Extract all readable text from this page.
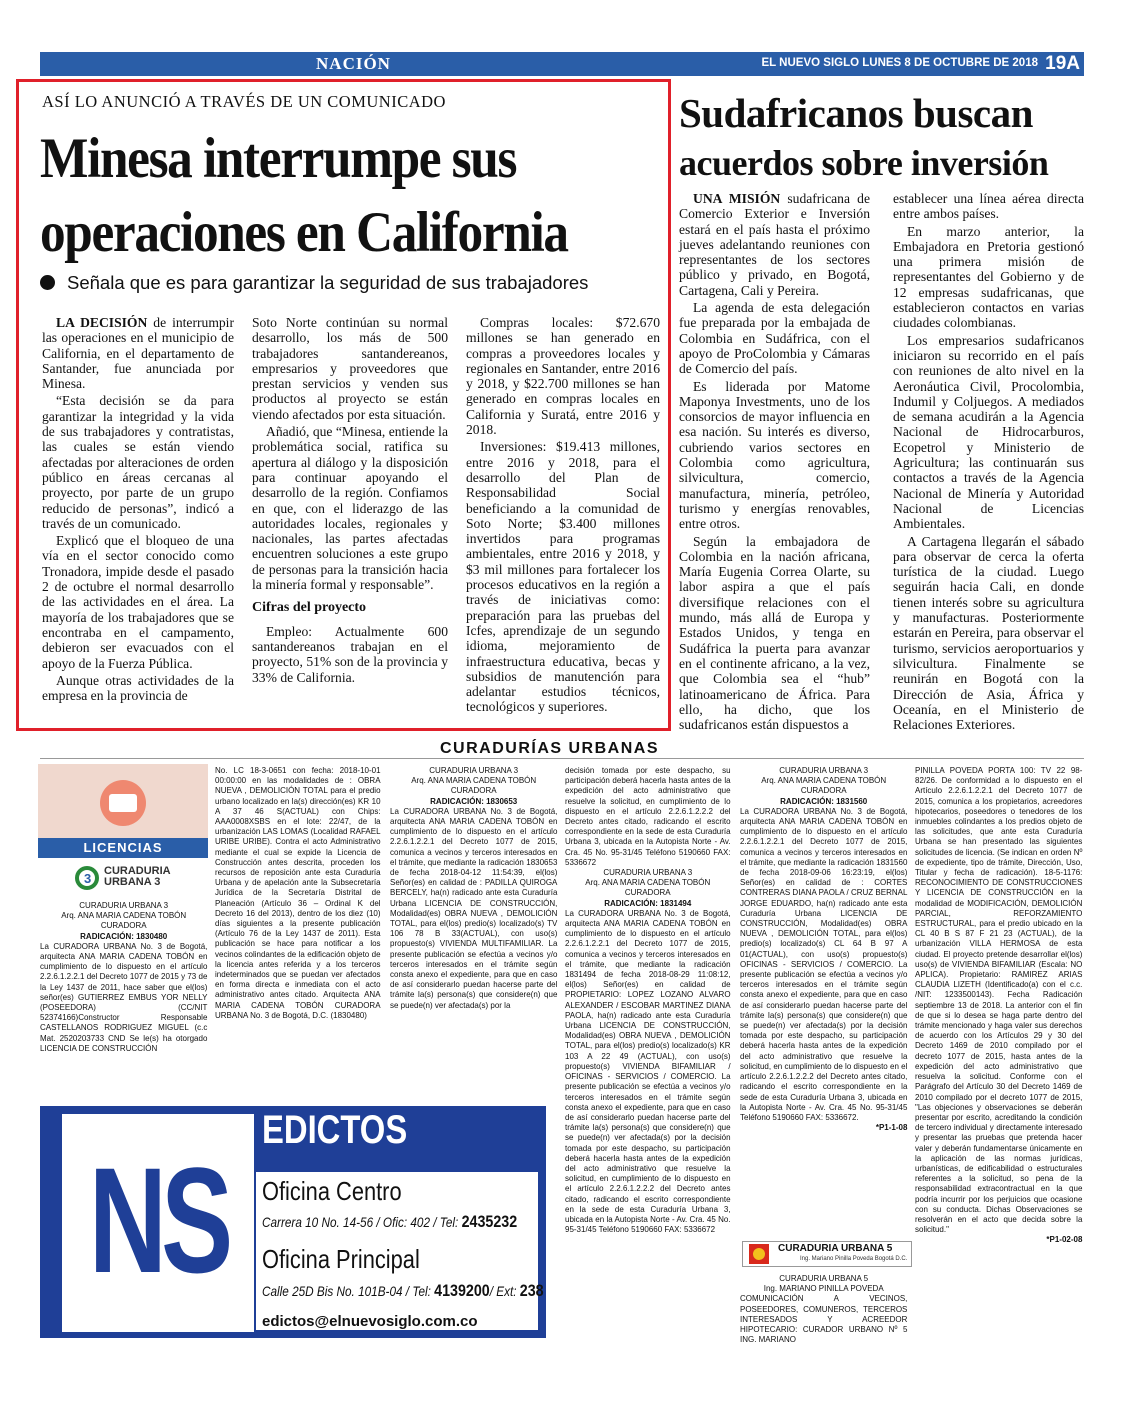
NACIÓN	EL NUEVO SIGLO LUNES 8 DE OCTUBRE DE 2018 19A
ASÍ LO ANUNCIÓ A TRAVÉS DE UN COMUNICADO
Minesa interrumpe sus
operaciones en California
Señala que es para garantizar la seguridad de sus trabajadores

LA DECISIÓN de interrumpir las operaciones en el municipio de California, en el departamento de Santander, fue anunciada por Minesa.

“Esta decisión se da para garantizar la integridad y la vida de sus trabajadores y contratistas, las cuales se están viendo afectadas por alteraciones de orden público en áreas cercanas al proyecto, por parte de un grupo reducido de personas”, indicó a través de un comunicado.

Explicó que el bloqueo de una vía en el sector conocido como Tronadora, impide desde el pasado 2 de octubre el normal desarrollo de las actividades en el área. La mayoría de los trabajadores que se encontraba en el campamento, debieron ser evacuados con el apoyo de la Fuerza Pública.

Aunque otras actividades de la empresa en la provincia de

Soto Norte continúan su normal desarrollo, los más de 500 trabajadores santandereanos, empresarios y proveedores que prestan servicios y venden sus productos al proyecto se están viendo afectados por esta situación.

Añadió, que “Minesa, entiende la problemática social, ratifica su apertura al diálogo y la disposición para continuar apoyando el desarrollo de la región. Confiamos en que, con el liderazgo de las autoridades locales, regionales y nacionales, las partes afectadas encuentren soluciones a este grupo de personas para la transición hacia la minería formal y responsable”.

Cifras del proyecto

Empleo: Actualmente 600 santandereanos trabajan en el proyecto, 51% son de la provincia y 33% de California.

Compras locales: $72.670 millones se han generado en compras a proveedores locales y regionales en Santander, entre 2016 y 2018, y $22.700 millones se han generado en compras locales en California y Suratá, entre 2016 y 2018.

Inversiones: $19.413 millones, entre 2016 y 2018, para el desarrollo del Plan de Responsabilidad Social beneficiando a la comunidad de Soto Norte; $3.400 millones invertidos para programas ambientales, entre 2016 y 2018, y $3 mil millones para fortalecer los procesos educativos en la región a través de iniciativas como: preparación para las pruebas del Icfes, aprendizaje de un segundo idioma, mejoramiento de infraestructura educativa, becas y subsidios de manutención para adelantar estudios técnicos, tecnológicos y superiores.

Sudafricanos buscan
acuerdos sobre inversión

UNA MISIÓN sudafricana de Comercio Exterior e Inversión estará en el país hasta el próximo jueves adelantando reuniones con representantes de los sectores público y privado, en Bogotá, Cartagena, Cali y Pereira.

La agenda de esta delegación fue preparada por la embajada de Colombia en Sudáfrica, con el apoyo de ProColombia y Cámaras de Comercio del país.

Es liderada por Matome Maponya Investments, uno de los consorcios de mayor influencia en esa nación. Su interés es diverso, cubriendo varios sectores en Colombia como agricultura, silvicultura, comercio, manufactura, minería, petróleo, turismo y energías renovables, entre otros.

Según la embajadora de Colombia en la nación africana, María Eugenia Correa Olarte, su labor aspira a que el país diversifique relaciones con el mundo, más allá de Europa y Estados Unidos, y tenga en Sudáfrica la puerta para avanzar en el continente africano, a la vez, que Colombia sea el “hub” latinoamericano de África. Para ello, ha dicho, que los sudafricanos están dispuestos a

establecer una línea aérea directa entre ambos países.

En marzo anterior, la Embajadora en Pretoria gestionó una primera misión de representantes del Gobierno y de 12 empresas sudafricanas, que establecieron contactos en varias ciudades colombianas.

Los empresarios sudafricanos iniciaron su recorrido en el país con reuniones de alto nivel en la Aeronáutica Civil, Procolombia, Indumil y Coljuegos. A mediados de semana acudirán a la Agencia Nacional de Hidrocarburos, Ecopetrol y Ministerio de Agricultura; las continuarán sus contactos a través de la Agencia Nacional de Minería y Autoridad Nacional de Licencias Ambientales.

A Cartagena llegarán el sábado para observar de cerca la oferta turística de la ciudad. Luego seguirán hacia Cali, en donde tienen interés sobre su agricultura y manufacturas. Posteriormente estarán en Pereira, para observar el turismo, servicios aeroportuarios y silvicultura. Finalmente se reunirán en Bogotá con la Dirección de Asia, África y Oceanía, en el Ministerio de Relaciones Exteriores.

CURADURÍAS URBANAS
LICENCIAS
3 CURADURIA
URBANA 3
CURADURIA URBANA 3
Arq. ANA MARIA CADENA TOBÓN
CURADORA
RADICACIÓN: 1830480
La CURADORA URBANA No. 3 de Bogotá, arquitecta ANA MARIA CADENA TOBÓN en cumplimiento de lo dispuesto en el artículo 2.2.6.1.2.2.1 del Decreto 1077 de 2015 y 73 de la Ley 1437 de 2011, hace saber que el(los) señor(es) GUTIERREZ EMBUS YOR NELLY (POSEEDORA) (CC/NIT 52374166)Constructor Responsable CASTELLANOS RODRIGUEZ MIGUEL (c.c Mat. 2520203733 CND Se le(s) ha otorgado LICENCIA DE CONSTRUCCIÓN
No. LC 18-3-0651 con fecha: 2018-10-01 00:00:00 en las modalidades de : OBRA NUEVA , DEMOLICIÓN TOTAL para el predio urbano localizado en la(s) dirección(es) KR 10 A 37 46 S(ACTUAL) con Chips: AAA0008XSBS en el lote: 22/47, de la urbanización LAS LOMAS (Localidad RAFAEL URIBE URIBE). Contra el acto Administrativo mediante el cual se expide la Licencia de Construcción antes descrita, proceden los recursos de reposición ante esta Curaduría Urbana y de apelación ante la Subsecretaría Jurídica de la Secretaría Distrital de Planeación (Artículo 36 – Ordinal K del Decreto 16 del 2013), dentro de los diez (10) días siguientes a la presente publicación (Artículo 76 de la Ley 1437 de 2011). Esta publicación se hace para notificar a los vecinos colindantes de la edificación objeto de la licencia antes referida y a los terceros indeterminados que se puedan ver afectados en forma directa e inmediata con el acto administrativo antes citado. Arquitecta ANA MARIA CADENA TOBÓN CURADORA URBANA No. 3 de Bogotá, D.C. (1830480)
CURADURIA URBANA 3
Arq. ANA MARIA CADENA TOBÓN
CURADORA
RADICACIÓN: 1830653
La CURADORA URBANA No. 3 de Bogotá, arquitecta ANA MARIA CADENA TOBÓN en cumplimiento de lo dispuesto en el artículo 2.2.6.1.2.2.1 del Decreto 1077 de 2015, comunica a vecinos y terceros interesados en el trámite, que mediante la radicación 1830653 de fecha 2018-04-12 11:54:39, el(los) Señor(es) en calidad de : PADILLA QUIROGA BERCELY, ha(n) radicado ante esta Curaduría Urbana LICENCIA DE CONSTRUCCIÓN, Modalidad(es) OBRA NUEVA , DEMOLICIÓN TOTAL, para el(los) predio(s) localizado(s) TV 106 78 B 33(ACTUAL), con uso(s) propuesto(s) VIVIENDA MULTIFAMILIAR. La presente publicación se efectúa a vecinos y/o terceros interesados en el trámite según consta anexo el expediente, para que en caso de así considerarlo puedan hacerse parte del trámite la(s) persona(s) que considere(n) que se puede(n) ver afectada(s) por la
decisión tomada por este despacho, su participación deberá hacerla hasta antes de la expedición del acto administrativo que resuelve la solicitud, en cumplimiento de lo dispuesto en el artículo 2.2.6.1.2.2.2 del Decreto antes citado, radicando el escrito correspondiente en la sede de esta Curaduría Urbana 3, ubicada en la Autopista Norte - Av. Cra. 45 No. 95-31/45 Teléfono 5190660 FAX: 5336672
CURADURIA URBANA 3
Arq. ANA MARIA CADENA TOBÓN
CURADORA
RADICACIÓN: 1831494
La CURADORA URBANA No. 3 de Bogotá, arquitecta ANA MARIA CADENA TOBÓN en cumplimiento de lo dispuesto en el artículo 2.2.6.1.2.2.1 del Decreto 1077 de 2015, comunica a vecinos y terceros interesados en el trámite, que mediante la radicación 1831494 de fecha 2018-08-29 11:08:12, el(los) Señor(es) en calidad de PROPIETARIO: LOPEZ LOZANO ALVARO ALEXANDER / ESCOBAR MARTINEZ DIANA PAOLA, ha(n) radicado ante esta Curaduría Urbana LICENCIA DE CONSTRUCCIÓN, Modalidad(es) OBRA NUEVA , DEMOLICIÓN TOTAL, para el(los) predio(s) localizado(s) KR 103 A 22 49 (ACTUAL), con uso(s) propuesto(s) VIVIENDA BIFAMILIAR / OFICINAS - SERVICIOS / COMERCIO. La presente publicación se efectúa a vecinos y/o terceros interesados en el trámite según consta anexo el expediente, para que en caso de así considerarlo puedan hacerse parte del trámite la(s) persona(s) que considere(n) que se puede(n) ver afectada(s) por la decisión tomada por este despacho, su participación deberá hacerla hasta antes de la expedición del acto administrativo que resuelve la solicitud, en cumplimiento de lo dispuesto en el artículo 2.2.6.1.2.2.2 del Decreto antes citado, radicando el escrito correspondiente en la sede de esta Curaduría Urbana 3, ubicada en la Autopista Norte - Av. Cra. 45 No. 95-31/45 Teléfono 5190660 FAX: 5336672
CURADURIA URBANA 3
Arq. ANA MARIA CADENA TOBÓN
CURADORA
RADICACIÓN: 1831560
La CURADORA URBANA No. 3 de Bogotá, arquitecta ANA MARIA CADENA TOBÓN en cumplimiento de lo dispuesto en el artículo 2.2.6.1.2.2.1 del Decreto 1077 de 2015, comunica a vecinos y terceros interesados en el trámite, que mediante la radicación 1831560 de fecha 2018-09-06 16:23:19, el(los) Señor(es) en calidad de : CORTES CONTRERAS DIANA PAOLA / CRUZ BERNAL JORGE EDUARDO, ha(n) radicado ante esta Curaduría Urbana LICENCIA DE CONSTRUCCIÓN, Modalidad(es) OBRA NUEVA , DEMOLICIÓN TOTAL, para el(los) predio(s) localizado(s) CL 64 B 97 A 01(ACTUAL), con uso(s) propuesto(s) OFICINAS - SERVICIOS / COMERCIO. La presente publicación se efectúa a vecinos y/o terceros interesados en el trámite según consta anexo el expediente, para que en caso de así considerarlo puedan hacerse parte del trámite la(s) persona(s) que considere(n) que se puede(n) ver afectada(s) por la decisión tomada por este despacho, su participación deberá hacerla hasta antes de la expedición del acto administrativo que resuelve la solicitud, en cumplimiento de lo dispuesto en el artículo 2.2.6.1.2.2.2 del Decreto antes citado, radicando el escrito correspondiente en la sede de esta Curaduría Urbana 3, ubicada en la Autopista Norte - Av. Cra. 45 No. 95-31/45 Teléfono 5190660 FAX: 5336672.
*P1-1-08
CURADURIA URBANA 5
Ing. Mariano Pinilla Poveda Bogotá D.C.
CURADURIA URBANA 5
Ing. MARIANO PINILLA POVEDA
COMUNICACIÓN A VECINOS, POSEEDORES, COMUNEROS, TERCEROS INTERESADOS Y ACREEDOR HIPOTECARIO: CURADOR URBANO Nº 5 ING. MARIANO
PINILLA POVEDA PORTA 100: TV 22 98-82/26. De conformidad a lo dispuesto en el Artículo 2.2.6.1.2.2.1 del Decreto 1077 de 2015, comunica a los propietarios, acreedores hipotecarios, poseedores o tenedores de los inmuebles colindantes a los predios objeto de las solicitudes, que ante esta Curaduría Urbana se han presentado las siguientes solicitudes de licencia. (Se indican en orden Nº de expediente, tipo de trámite, Dirección, Uso, Titular y fecha de radicación). 18-5-1176: RECONOCIMIENTO DE CONSTRUCCIONES Y LICENCIA DE CONSTRUCCIÓN en la modalidad de MODIFICACIÓN, DEMOLICIÓN PARCIAL, REFORZAMIENTO ESTRUCTURAL, para el predio ubicado en la CL 40 B S 87 F 21 23 (ACTUAL), de la urbanización VILLA HERMOSA de esta ciudad. El proyecto pretende desarrollar el(los) uso(s) de VIVIENDA BIFAMILIAR (Escala: NO APLICA). Propietario: RAMIREZ ARIAS CLAUDIA LIZETH (Identificado(a) con el c.c. /NIT: 1233500143). Fecha Radicación septiembre 13 de 2018. La anterior con el fin de que si lo desea se haga parte dentro del trámite mencionado y haga valer sus derechos de acuerdo con los Artículos 29 y 30 del Decreto 1469 de 2010 compilado por el decreto 1077 de 2015, hasta antes de la expedición del acto administrativo que resuelva la solicitud. Conforme con el Parágrafo del Artículo 30 del Decreto 1469 de 2010 compilado por el decreto 1077 de 2015, "Las objeciones y observaciones se deberán presentar por escrito, acreditando la condición de tercero individual y directamente interesado y presentar las pruebas que pretenda hacer valer y deberán fundamentarse únicamente en la aplicación de las normas jurídicas, urbanísticas, de edificabilidad o estructurales referentes a la solicitud, so pena de la responsabilidad extracontractual en la que podría incurrir por los perjuicios que ocasione con su conducta. Dichas Observaciones se resolverán en el acto que decida sobre la solicitud."
*P1-02-08
NS
EDICTOS
Oficina Centro
Carrera 10 No. 14-56 / Ofic: 402 / Tel: 2435232
Oficina Principal
Calle 25D Bis No. 101B-04 / Tel: 4139200/ Ext: 238
edictos@elnuevosiglo.com.co
